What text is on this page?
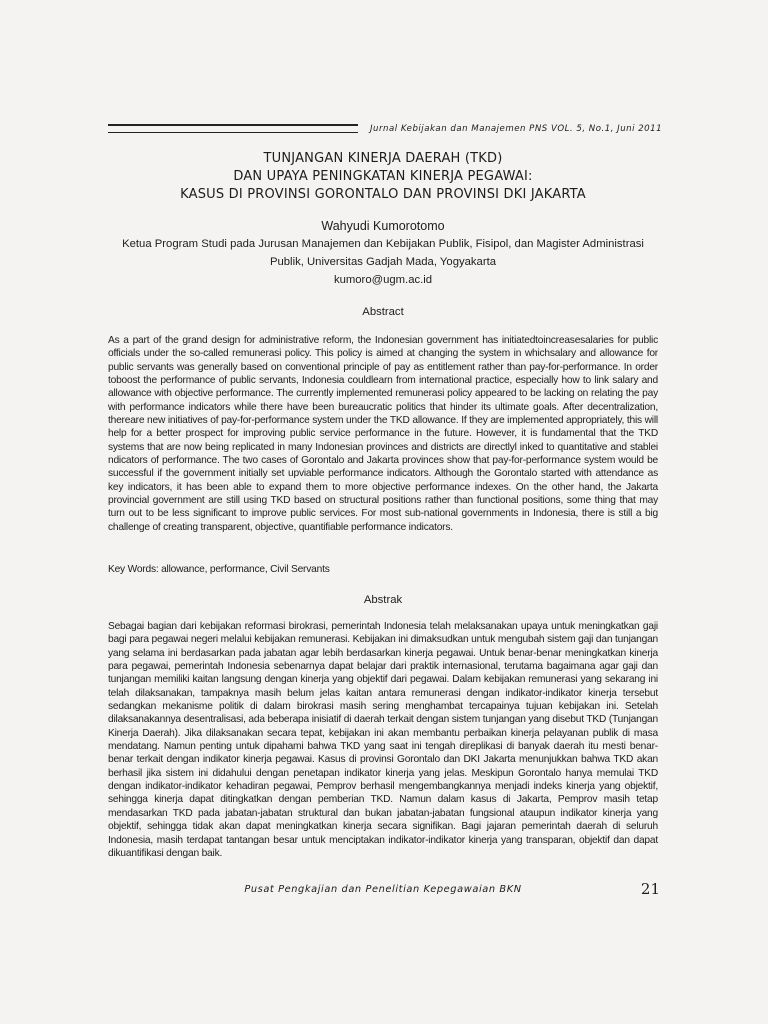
Jurnal Kebijakan dan Manajemen PNS VOL. 5, No.1, Juni 2011
TUNJANGAN KINERJA DAERAH (TKD)
DAN UPAYA PENINGKATAN KINERJA PEGAWAI:
KASUS DI PROVINSI GORONTALO DAN PROVINSI DKI JAKARTA
Wahyudi Kumorotomo
Ketua Program Studi pada Jurusan Manajemen dan Kebijakan Publik, Fisipol, dan Magister Administrasi
Publik, Universitas Gadjah Mada, Yogyakarta
kumoro@ugm.ac.id
Abstract

As a part of the grand design for administrative reform, the Indonesian government has initiatedtoincreasesalaries for public officials under the so-called remunerasi policy. This policy is aimed at changing the system in whichsalary and allowance for public servants was generally based on conventional principle of pay as entitlement rather than pay-for-performance. In order toboost the performance of public servants, Indonesia couldlearn from international practice, especially how to link salary and allowance with objective performance. The currently implemented remunerasi policy appeared to be lacking on relating the pay with performance indicators while there have been bureaucratic politics that hinder its ultimate goals. After decentralization, thereare new initiatives of pay-for-performance system under the TKD allowance. If they are implemented appropriately, this will help for a better prospect for improving public service performance in the future. However, it is fundamental that the TKD systems that are now being replicated in many Indonesian provinces and districts are directlyl inked to quantitative and stablei ndicators of performance. The two cases of Gorontalo and Jakarta provinces show that pay-for-performance system would be successful if the government initially set upviable performance indicators. Although the Gorontalo started with attendance as key indicators, it has been able to expand them to more objective performance indexes. On the other hand, the Jakarta provincial government are still using TKD based on structural positions rather than functional positions, some thing that may turn out to be less significant to improve public services. For most sub-national governments in Indonesia, there is still a big challenge of creating transparent, objective, quantifiable performance indicators.

Key Words: allowance, performance, Civil Servants
Abstrak

Sebagai bagian dari kebijakan reformasi birokrasi, pemerintah Indonesia telah melaksanakan upaya untuk meningkatkan gaji bagi para pegawai negeri melalui kebijakan remunerasi. Kebijakan ini dimaksudkan untuk mengubah sistem gaji dan tunjangan yang selama ini berdasarkan pada jabatan agar lebih berdasarkan kinerja pegawai. Untuk benar-benar meningkatkan kinerja para pegawai, pemerintah Indonesia sebenarnya dapat belajar dari praktik internasional, terutama bagaimana agar gaji dan tunjangan memiliki kaitan langsung dengan kinerja yang objektif dari pegawai. Dalam kebijakan remunerasi yang sekarang ini telah dilaksanakan, tampaknya masih belum jelas kaitan antara remunerasi dengan indikator-indikator kinerja tersebut sedangkan mekanisme politik di dalam birokrasi masih sering menghambat tercapainya tujuan kebijakan ini. Setelah dilaksanakannya desentralisasi, ada beberapa inisiatif di daerah terkait dengan sistem tunjangan yang disebut TKD (Tunjangan Kinerja Daerah). Jika dilaksanakan secara tepat, kebijakan ini akan membantu perbaikan kinerja pelayanan publik di masa mendatang. Namun penting untuk dipahami bahwa TKD yang saat ini tengah direplikasi di banyak daerah itu mesti benar-benar terkait dengan indikator kinerja pegawai. Kasus di provinsi Gorontalo dan DKI Jakarta menunjukkan bahwa TKD akan berhasil jika sistem ini didahului dengan penetapan indikator kinerja yang jelas. Meskipun Gorontalo hanya memulai TKD dengan indikator-indikator kehadiran pegawai, Pemprov berhasil mengembangkannya menjadi indeks kinerja yang objektif, sehingga kinerja dapat ditingkatkan dengan pemberian TKD. Namun dalam kasus di Jakarta, Pemprov masih tetap mendasarkan TKD pada jabatan-jabatan struktural dan bukan jabatan-jabatan fungsional ataupun indikator kinerja yang objektif, sehingga tidak akan dapat meningkatkan kinerja secara signifikan. Bagi jajaran pemerintah daerah di seluruh Indonesia, masih terdapat tantangan besar untuk menciptakan indikator-indikator kinerja yang transparan, objektif dan dapat dikuantifikasi dengan baik.

Pusat Pengkajian dan Penelitian Kepegawaian BKN	21
